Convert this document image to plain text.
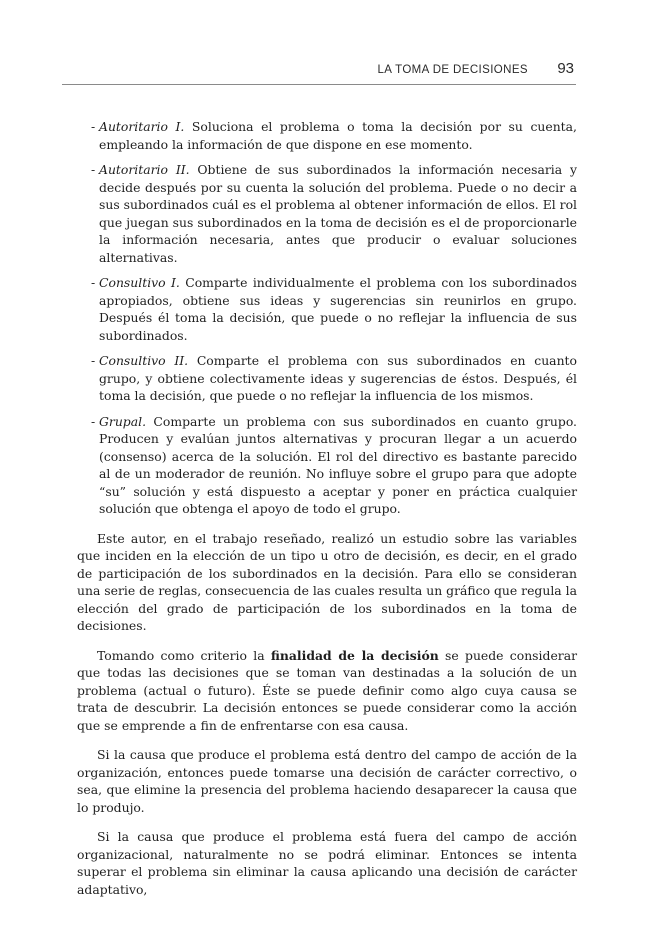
LA TOMA DE DECISIONES 93
- Autoritario I. Soluciona el problema o toma la decisión por su cuenta, empleando la información de que dispone en ese momento.
- Autoritario II. Obtiene de sus subordinados la información necesaria y decide después por su cuenta la solución del problema. Puede o no decir a sus subordinados cuál es el problema al obtener información de ellos. El rol que juegan sus subordinados en la toma de decisión es el de proporcionarle la información necesaria, antes que producir o evaluar soluciones alternativas.
- Consultivo I. Comparte individualmente el problema con los subordinados apropiados, obtiene sus ideas y sugerencias sin reunirlos en grupo. Después él toma la decisión, que puede o no reflejar la influencia de sus subordinados.
- Consultivo II. Comparte el problema con sus subordinados en cuanto grupo, y obtiene colectivamente ideas y sugerencias de éstos. Después, él toma la decisión, que puede o no reflejar la influencia de los mismos.
- Grupal. Comparte un problema con sus subordinados en cuanto grupo. Producen y evalúan juntos alternativas y procuran llegar a un acuerdo (consenso) acerca de la solución. El rol del directivo es bastante parecido al de un moderador de reunión. No influye sobre el grupo para que adopte “su” solución y está dispuesto a aceptar y poner en práctica cualquier solución que obtenga el apoyo de todo el grupo.

Este autor, en el trabajo reseñado, realizó un estudio sobre las variables que inciden en la elección de un tipo u otro de decisión, es decir, en el grado de participación de los subordinados en la decisión. Para ello se consideran una serie de reglas, consecuencia de las cuales resulta un gráfico que regula la elección del grado de participación de los subordinados en la toma de decisiones.

Tomando como criterio la finalidad de la decisión se puede considerar que todas las decisiones que se toman van destinadas a la solución de un problema (actual o futuro). Éste se puede definir como algo cuya causa se trata de descubrir. La decisión entonces se puede considerar como la acción que se emprende a fin de enfrentarse con esa causa.

Si la causa que produce el problema está dentro del campo de acción de la organización, entonces puede tomarse una decisión de carácter correctivo, o sea, que elimine la presencia del problema haciendo desaparecer la causa que lo produjo.

Si la causa que produce el problema está fuera del campo de acción organizacional, naturalmente no se podrá eliminar. Entonces se intenta superar el problema sin eliminar la causa aplicando una decisión de carácter adaptativo,
